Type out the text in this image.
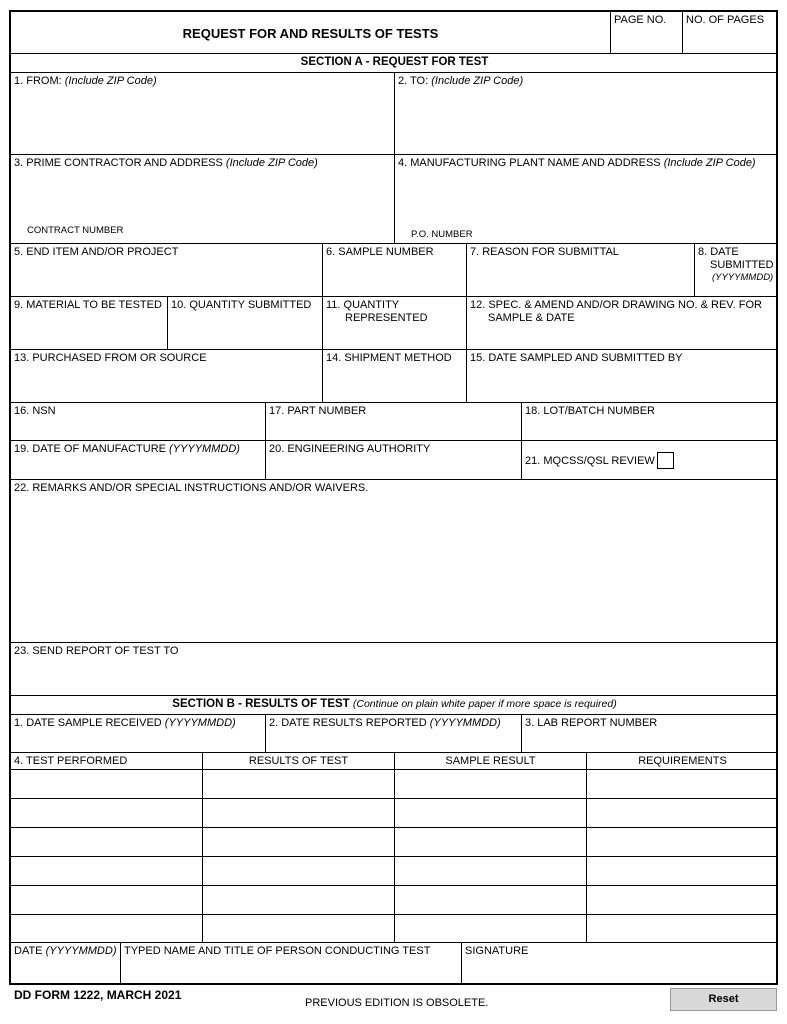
REQUEST FOR AND RESULTS OF TESTS
PAGE NO. NO. OF PAGES
SECTION A - REQUEST FOR TEST
1. FROM: (Include ZIP Code)	2. TO: (Include ZIP Code)
3. PRIME CONTRACTOR AND ADDRESS (Include ZIP Code)
CONTRACT NUMBER
4. MANUFACTURING PLANT NAME AND ADDRESS (Include ZIP Code)
P.O. NUMBER
5. END ITEM AND/OR PROJECT	6. SAMPLE NUMBER	7. REASON FOR SUBMITTAL	8. DATE
SUBMITTED
(YYYYMMDD)
9. MATERIAL TO BE TESTED 10. QUANTITY SUBMITTED 11. QUANTITY
REPRESENTED
12. SPEC. & AMEND AND/OR DRAWING NO. & REV. FOR
SAMPLE & DATE
13. PURCHASED FROM OR SOURCE	14. SHIPMENT METHOD 15. DATE SAMPLED AND SUBMITTED BY
16. NSN	17. PART NUMBER	18. LOT/BATCH NUMBER
19. DATE OF MANUFACTURE (YYYYMMDD)	20. ENGINEERING AUTHORITY
21. MQCSS/QSL REVIEW
22. REMARKS AND/OR SPECIAL INSTRUCTIONS AND/OR WAIVERS.
23. SEND REPORT OF TEST TO
SECTION B - RESULTS OF TEST (Continue on plain white paper if more space is required)
1. DATE SAMPLE RECEIVED (YYYYMMDD)	2. DATE RESULTS REPORTED (YYYYMMDD) 3. LAB REPORT NUMBER
4. TEST PERFORMED	RESULTS OF TEST	SAMPLE RESULT	REQUIREMENTS
DATE (YYYYMMDD) TYPED NAME AND TITLE OF PERSON CONDUCTING TEST	SIGNATURE
DD FORM 1222, MARCH 2021
PREVIOUS EDITION IS OBSOLETE.	Reset
